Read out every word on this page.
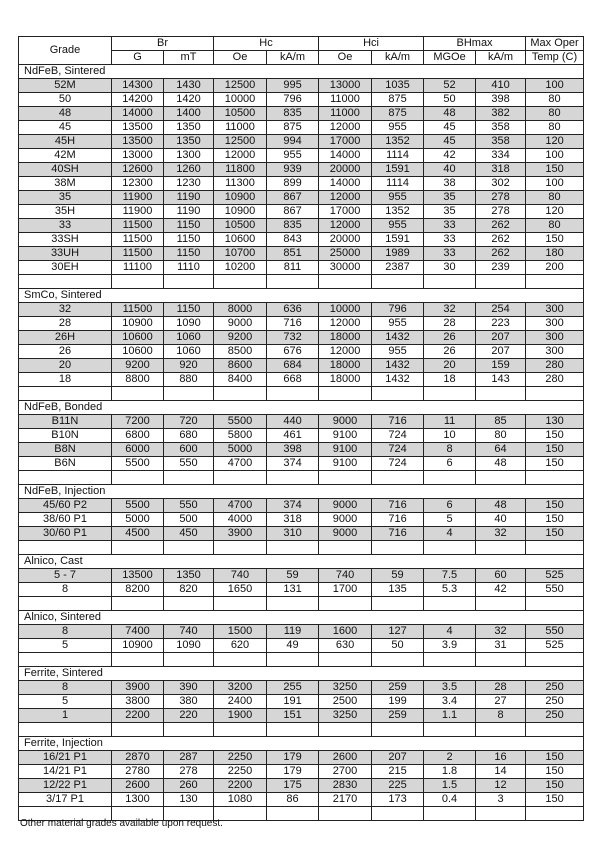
Grade	Br		Hc		Hci		BHmax		Max Oper
	G	mT	Oe	kA/m	Oe	kA/m	MGOe	kA/m	Temp (C)
NdFeB, Sintered									
52M	14300	1430	12500	995	13000	1035	52	410	100
50	14200	1420	10000	796	11000	875	50	398	80
48	14000	1400	10500	835	11000	875	48	382	80
45	13500	1350	11000	875	12000	955	45	358	80
45H	13500	1350	12500	994	17000	1352	45	358	120
42M	13000	1300	12000	955	14000	1114	42	334	100
40SH	12600	1260	11800	939	20000	1591	40	318	150
38M	12300	1230	11300	899	14000	1114	38	302	100
35	11900	1190	10900	867	12000	955	35	278	80
35H	11900	1190	10900	867	17000	1352	35	278	120
33	11500	1150	10500	835	12000	955	33	262	80
33SH	11500	1150	10600	843	20000	1591	33	262	150
33UH	11500	1150	10700	851	25000	1989	33	262	180
30EH	11100	1110	10200	811	30000	2387	30	239	200

SmCo, Sintered									
32	11500	1150	8000	636	10000	796	32	254	300
28	10900	1090	9000	716	12000	955	28	223	300
26H	10600	1060	9200	732	18000	1432	26	207	300
26	10600	1060	8500	676	12000	955	26	207	300
20	9200	920	8600	684	18000	1432	20	159	280
18	8800	880	8400	668	18000	1432	18	143	280

NdFeB, Bonded									
B11N	7200	720	5500	440	9000	716	11	85	130
B10N	6800	680	5800	461	9100	724	10	80	150
B8N	6000	600	5000	398	9100	724	8	64	150
B6N	5500	550	4700	374	9100	724	6	48	150

NdFeB, Injection									
45/60 P2	5500	550	4700	374	9000	716	6	48	150
38/60 P1	5000	500	4000	318	9000	716	5	40	150
30/60 P1	4500	450	3900	310	9000	716	4	32	150

Alnico, Cast									
5 - 7	13500	1350	740	59	740	59	7.5	60	525
8	8200	820	1650	131	1700	135	5.3	42	550

Alnico, Sintered									
8	7400	740	1500	119	1600	127	4	32	550
5	10900	1090	620	49	630	50	3.9	31	525

Ferrite, Sintered									
8	3900	390	3200	255	3250	259	3.5	28	250
5	3800	380	2400	191	2500	199	3.4	27	250
1	2200	220	1900	151	3250	259	1.1	8	250

Ferrite, Injection									
16/21 P1	2870	287	2250	179	2600	207	2	16	150
14/21 P1	2780	278	2250	179	2700	215	1.8	14	150
12/22 P1	2600	260	2200	175	2830	225	1.5	12	150
3/17 P1	1300	130	1080	86	2170	173	0.4	3	150

Other material grades available upon request.
